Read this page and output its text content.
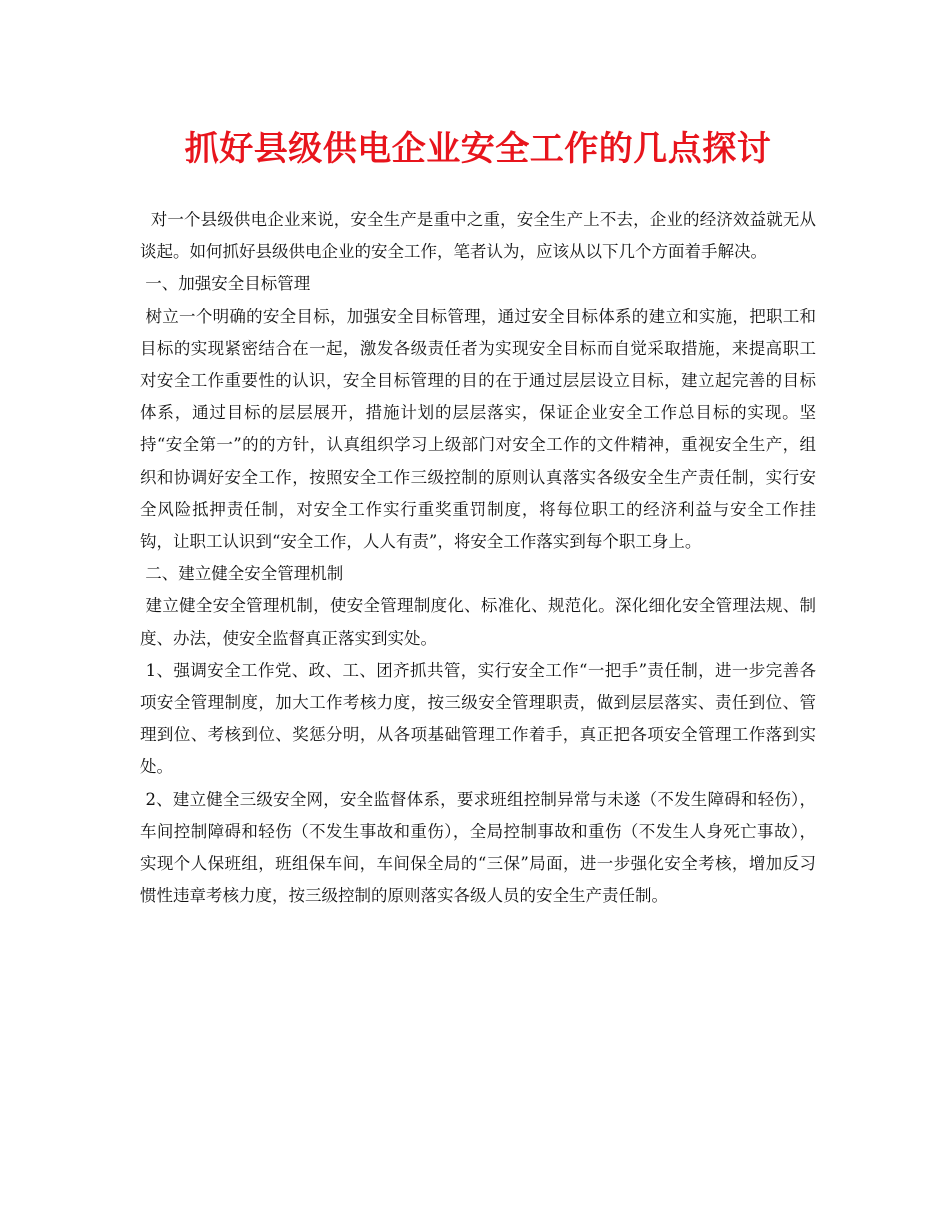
抓好县级供电企业安全工作的几点探讨

对一个县级供电企业来说，安全生产是重中之重，安全生产上不去，企业的经济效益就无从谈起。如何抓好县级供电企业的安全工作，笔者认为，应该从以下几个方面着手解决。

一、加强安全目标管理

树立一个明确的安全目标，加强安全目标管理，通过安全目标体系的建立和实施，把职工和目标的实现紧密结合在一起，激发各级责任者为实现安全目标而自觉采取措施，来提高职工对安全工作重要性的认识，安全目标管理的目的在于通过层层设立目标，建立起完善的目标体系，通过目标的层层展开，措施计划的层层落实，保证企业安全工作总目标的实现。坚持“安全第一”的的方针，认真组织学习上级部门对安全工作的文件精神，重视安全生产，组织和协调好安全工作，按照安全工作三级控制的原则认真落实各级安全生产责任制，实行安全风险抵押责任制，对安全工作实行重奖重罚制度，将每位职工的经济利益与安全工作挂钩，让职工认识到“安全工作，人人有责”，将安全工作落实到每个职工身上。

二、建立健全安全管理机制

建立健全安全管理机制，使安全管理制度化、标准化、规范化。深化细化安全管理法规、制度、办法，使安全监督真正落实到实处。

1、强调安全工作党、政、工、团齐抓共管，实行安全工作“一把手”责任制，进一步完善各项安全管理制度，加大工作考核力度，按三级安全管理职责，做到层层落实、责任到位、管理到位、考核到位、奖惩分明，从各项基础管理工作着手，真正把各项安全管理工作落到实处。

2、建立健全三级安全网，安全监督体系，要求班组控制异常与未遂（不发生障碍和轻伤），车间控制障碍和轻伤（不发生事故和重伤），全局控制事故和重伤（不发生人身死亡事故），实现个人保班组，班组保车间，车间保全局的“三保”局面，进一步强化安全考核，增加反习惯性违章考核力度，按三级控制的原则落实各级人员的安全生产责任制。
